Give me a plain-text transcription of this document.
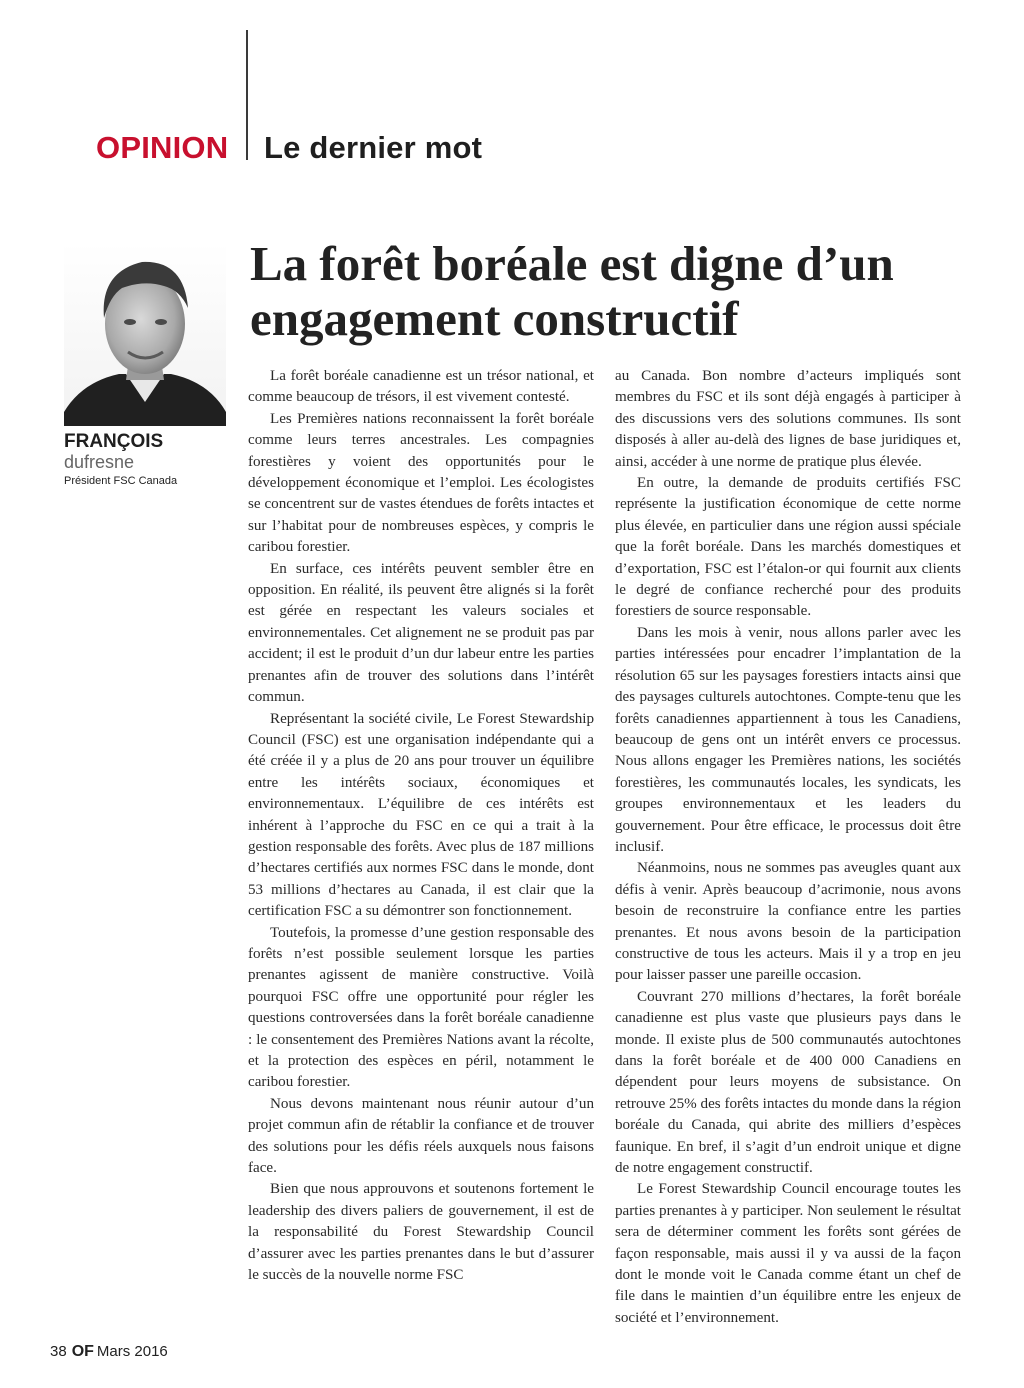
OPINION Le dernier mot
La forêt boréale est digne d’un engagement constructif
FRANÇOIS
dufresne
Président FSC Canada

La forêt boréale canadienne est un trésor national, et comme beaucoup de trésors, il est vivement contesté.

Les Premières nations reconnaissent la forêt boréale comme leurs terres ancestrales. Les compagnies forestières y voient des opportunités pour le développement économique et l’emploi. Les écologistes se concentrent sur de vastes étendues de forêts intactes et sur l’habitat pour de nombreuses espèces, y compris le caribou forestier.

En surface, ces intérêts peuvent sembler être en opposition. En réalité, ils peuvent être alignés si la forêt est gérée en respectant les valeurs sociales et environnementales. Cet alignement ne se produit pas par accident; il est le produit d’un dur labeur entre les parties prenantes afin de trouver des solutions dans l’intérêt commun.

Représentant la société civile, Le Forest Stewardship Council (FSC) est une organisation indépendante qui a été créée il y a plus de 20 ans pour trouver un équilibre entre les intérêts sociaux, économiques et environnementaux. L’équilibre de ces intérêts est inhérent à l’approche du FSC en ce qui a trait à la gestion responsable des forêts. Avec plus de 187 millions d’hectares certifiés aux normes FSC dans le monde, dont 53 millions d’hectares au Canada, il est clair que la certification FSC a su démontrer son fonctionnement.

Toutefois, la promesse d’une gestion responsable des forêts n’est possible seulement lorsque les parties prenantes agissent de manière constructive. Voilà pourquoi FSC offre une opportunité pour régler les questions controversées dans la forêt boréale canadienne : le consentement des Premières Nations avant la récolte, et la protection des espèces en péril, notamment le caribou forestier.

Nous devons maintenant nous réunir autour d’un projet commun afin de rétablir la confiance et de trouver des solutions pour les défis réels auxquels nous faisons face.

Bien que nous approuvons et soutenons fortement le leadership des divers paliers de gouvernement, il est de la responsabilité du Forest Stewardship Council d’assurer avec les parties prenantes dans le but d’assurer le succès de la nouvelle norme FSC

au Canada. Bon nombre d’acteurs impliqués sont membres du FSC et ils sont déjà engagés à participer à des discussions vers des solutions communes. Ils sont disposés à aller au-delà des lignes de base juridiques et, ainsi, accéder à une norme de pratique plus élevée.

En outre, la demande de produits certifiés FSC représente la justification économique de cette norme plus élevée, en particulier dans une région aussi spéciale que la forêt boréale. Dans les marchés domestiques et d’exportation, FSC est l’étalon-or qui fournit aux clients le degré de confiance recherché pour des produits forestiers de source responsable.

Dans les mois à venir, nous allons parler avec les parties intéressées pour encadrer l’implantation de la résolution 65 sur les paysages forestiers intacts ainsi que des paysages culturels autochtones. Compte-tenu que les forêts canadiennes appartiennent à tous les Canadiens, beaucoup de gens ont un intérêt envers ce processus. Nous allons engager les Premières nations, les sociétés forestières, les communautés locales, les syndicats, les groupes environnementaux et les leaders du gouvernement. Pour être efficace, le processus doit être inclusif.

Néanmoins, nous ne sommes pas aveugles quant aux défis à venir. Après beaucoup d’acrimonie, nous avons besoin de reconstruire la confiance entre les parties prenantes. Et nous avons besoin de la participation constructive de tous les acteurs. Mais il y a trop en jeu pour laisser passer une pareille occasion.

Couvrant 270 millions d’hectares, la forêt boréale canadienne est plus vaste que plusieurs pays dans le monde. Il existe plus de 500 communautés autochtones dans la forêt boréale et de 400 000 Canadiens en dépendent pour leurs moyens de subsistance. On retrouve 25% des forêts intactes du monde dans la région boréale du Canada, qui abrite des milliers d’espèces faunique. En bref, il s’agit d’un endroit unique et digne de notre engagement constructif.

Le Forest Stewardship Council encourage toutes les parties prenantes à y participer. Non seulement le résultat sera de déterminer comment les forêts sont gérées de façon responsable, mais aussi il y va aussi de la façon dont le monde voit le Canada comme étant un chef de file dans le maintien d’un équilibre entre les enjeux de société et l’environnement.

38 OF Mars 2016
